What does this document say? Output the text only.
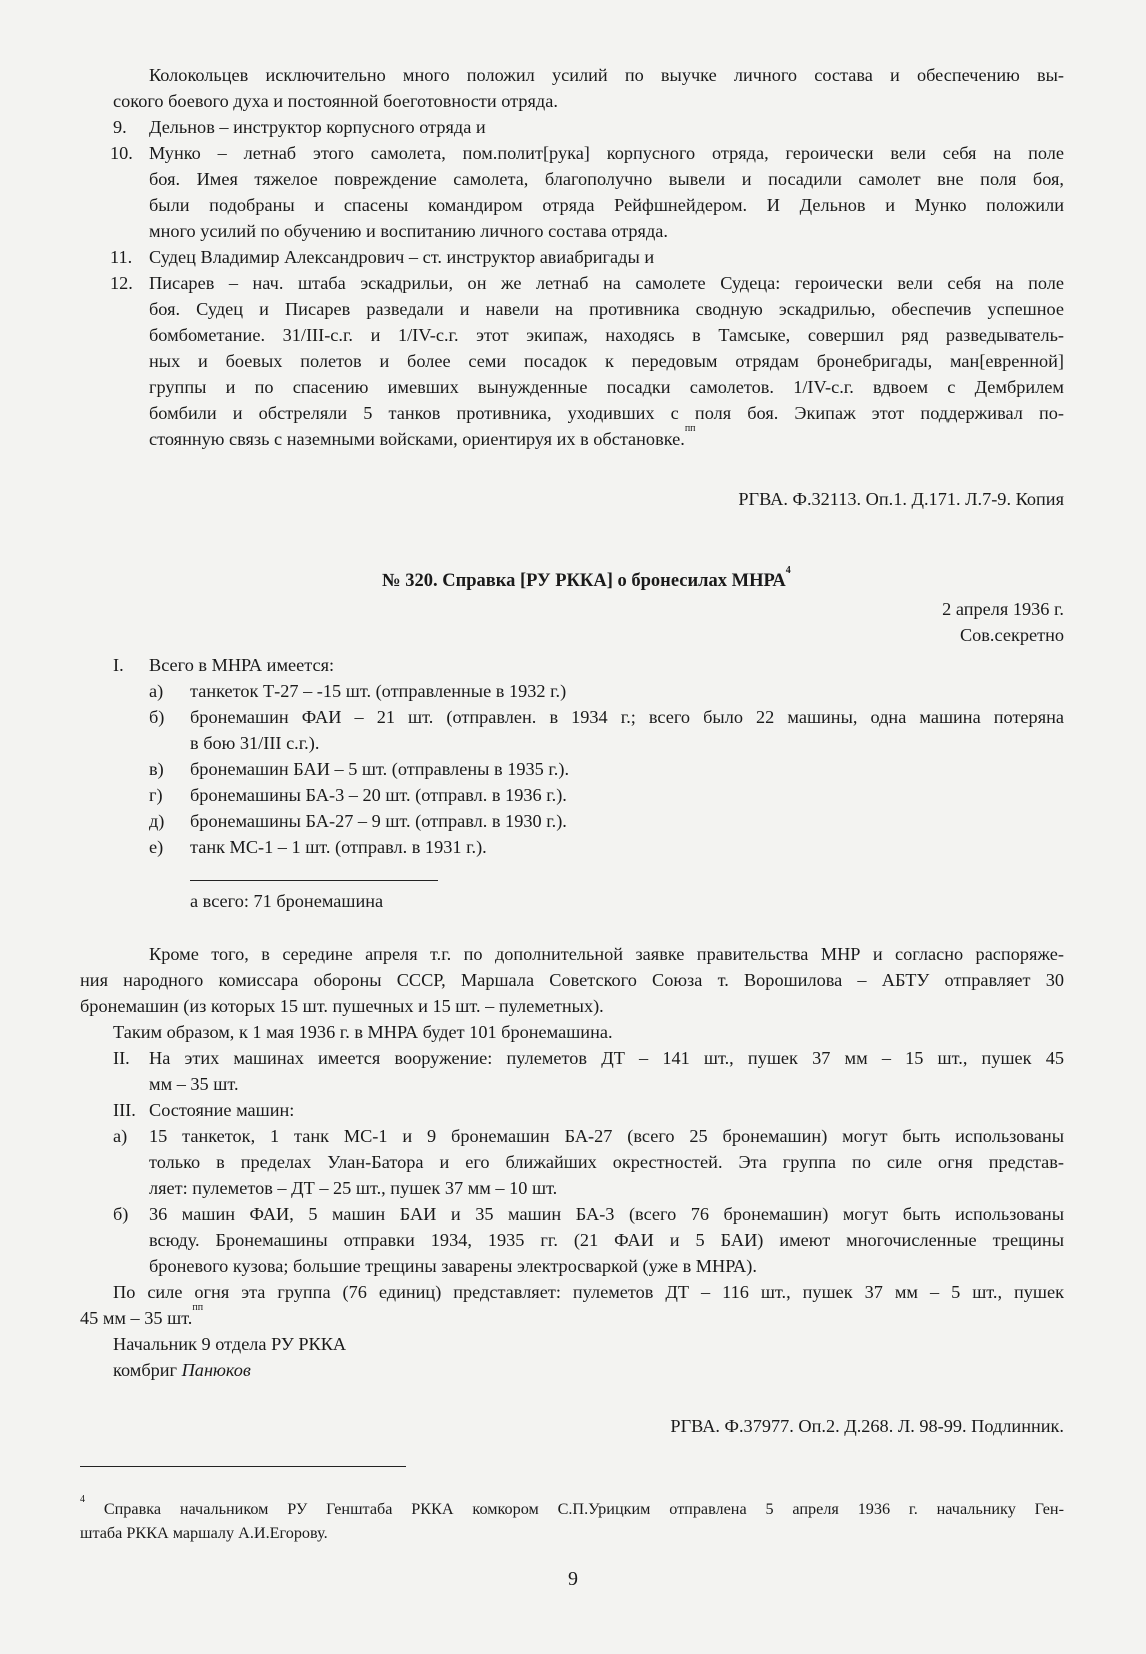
Колокольцев исключительно много положил усилий по выучке личного состава и обеспечению вы-
сокого боевого духа и постоянной боеготовности отряда.
9. Дельнов – инструктор корпусного отряда и
10. Мунко – летнаб этого самолета, пом.полит[рука] корпусного отряда, героически вели себя на поле
боя. Имея тяжелое повреждение самолета, благополучно вывели и посадили самолет вне поля боя,
были подобраны и спасены командиром отряда Рейфшнейдером. И Дельнов и Мунко положили
много усилий по обучению и воспитанию личного состава отряда.
11. Судец Владимир Александрович – ст. инструктор авиабригады и
12. Писарев – нач. штаба эскадрильи, он же летнаб на самолете Судеца: героически вели себя на поле
боя. Судец и Писарев разведали и навели на противника сводную эскадрилью, обеспечив успешное
бомбометание. 31/III-с.г. и 1/IV-с.г. этот экипаж, находясь в Тамсыке, совершил ряд разведыватель-
ных и боевых полетов и более семи посадок к передовым отрядам бронебригады, ман[евренной]
группы и по спасению имевших вынужденные посадки самолетов. 1/IV-с.г. вдвоем с Дембрилем
бомбили и обстреляли 5 танков противника, уходивших с поля боя. Экипаж этот поддерживал по-
стоянную связь с наземными войсками, ориентируя их в обстановке.$^{пп}$
РГВА. Ф.32113. Оп.1. Д.171. Л.7-9. Копия
№ 320. Справка [РУ РККА] о бронесилах МНРА$^4$
2 апреля 1936 г.
Сов.секретно
I. Всего в МНРА имеется:
а) танкеток Т-27 – -15 шт. (отправленные в 1932 г.)
б) бронемашин ФАИ – 21 шт. (отправлен. в 1934 г.; всего было 22 машины, одна машина потеряна
в бою 31/III с.г.).
в) бронемашин БАИ – 5 шт. (отправлены в 1935 г.).
г) бронемашины БА-3 – 20 шт. (отправл. в 1936 г.).
д) бронемашины БА-27 – 9 шт. (отправл. в 1930 г.).
е) танк МС-1 – 1 шт. (отправл. в 1931 г.).
а всего: 71 бронемашина
Кроме того, в середине апреля т.г. по дополнительной заявке правительства МНР и согласно распоряже-
ния народного комиссара обороны СССР, Маршала Советского Союза т. Ворошилова – АБТУ отправляет 30
бронемашин (из которых 15 шт. пушечных и 15 шт. – пулеметных).
Таким образом, к 1 мая 1936 г. в МНРА будет 101 бронемашина.
II. На этих машинах имеется вооружение: пулеметов ДТ – 141 шт., пушек 37 мм – 15 шт., пушек 45
мм – 35 шт.
III. Состояние машин:
а) 15 танкеток, 1 танк МС-1 и 9 бронемашин БА-27 (всего 25 бронемашин) могут быть использованы
только в пределах Улан-Батора и его ближайших окрестностей. Эта группа по силе огня представ-
ляет: пулеметов – ДТ – 25 шт., пушек 37 мм – 10 шт.
б) 36 машин ФАИ, 5 машин БАИ и 35 машин БА-3 (всего 76 бронемашин) могут быть использованы
всюду. Бронемашины отправки 1934, 1935 гг. (21 ФАИ и 5 БАИ) имеют многочисленные трещины
броневого кузова; большие трещины заварены электросваркой (уже в МНРА).
По силе огня эта группа (76 единиц) представляет: пулеметов ДТ – 116 шт., пушек 37 мм – 5 шт., пушек
45 мм – 35 шт.$^{пп}$
Начальник 9 отдела РУ РККА
комбриг Панюков
РГВА. Ф.37977. Оп.2. Д.268. Л. 98-99. Подлинник.
$^4$ Справка начальником РУ Генштаба РККА комкором С.П.Урицким отправлена 5 апреля 1936 г. начальнику Ген-
штаба РККА маршалу А.И.Егорову.
9
